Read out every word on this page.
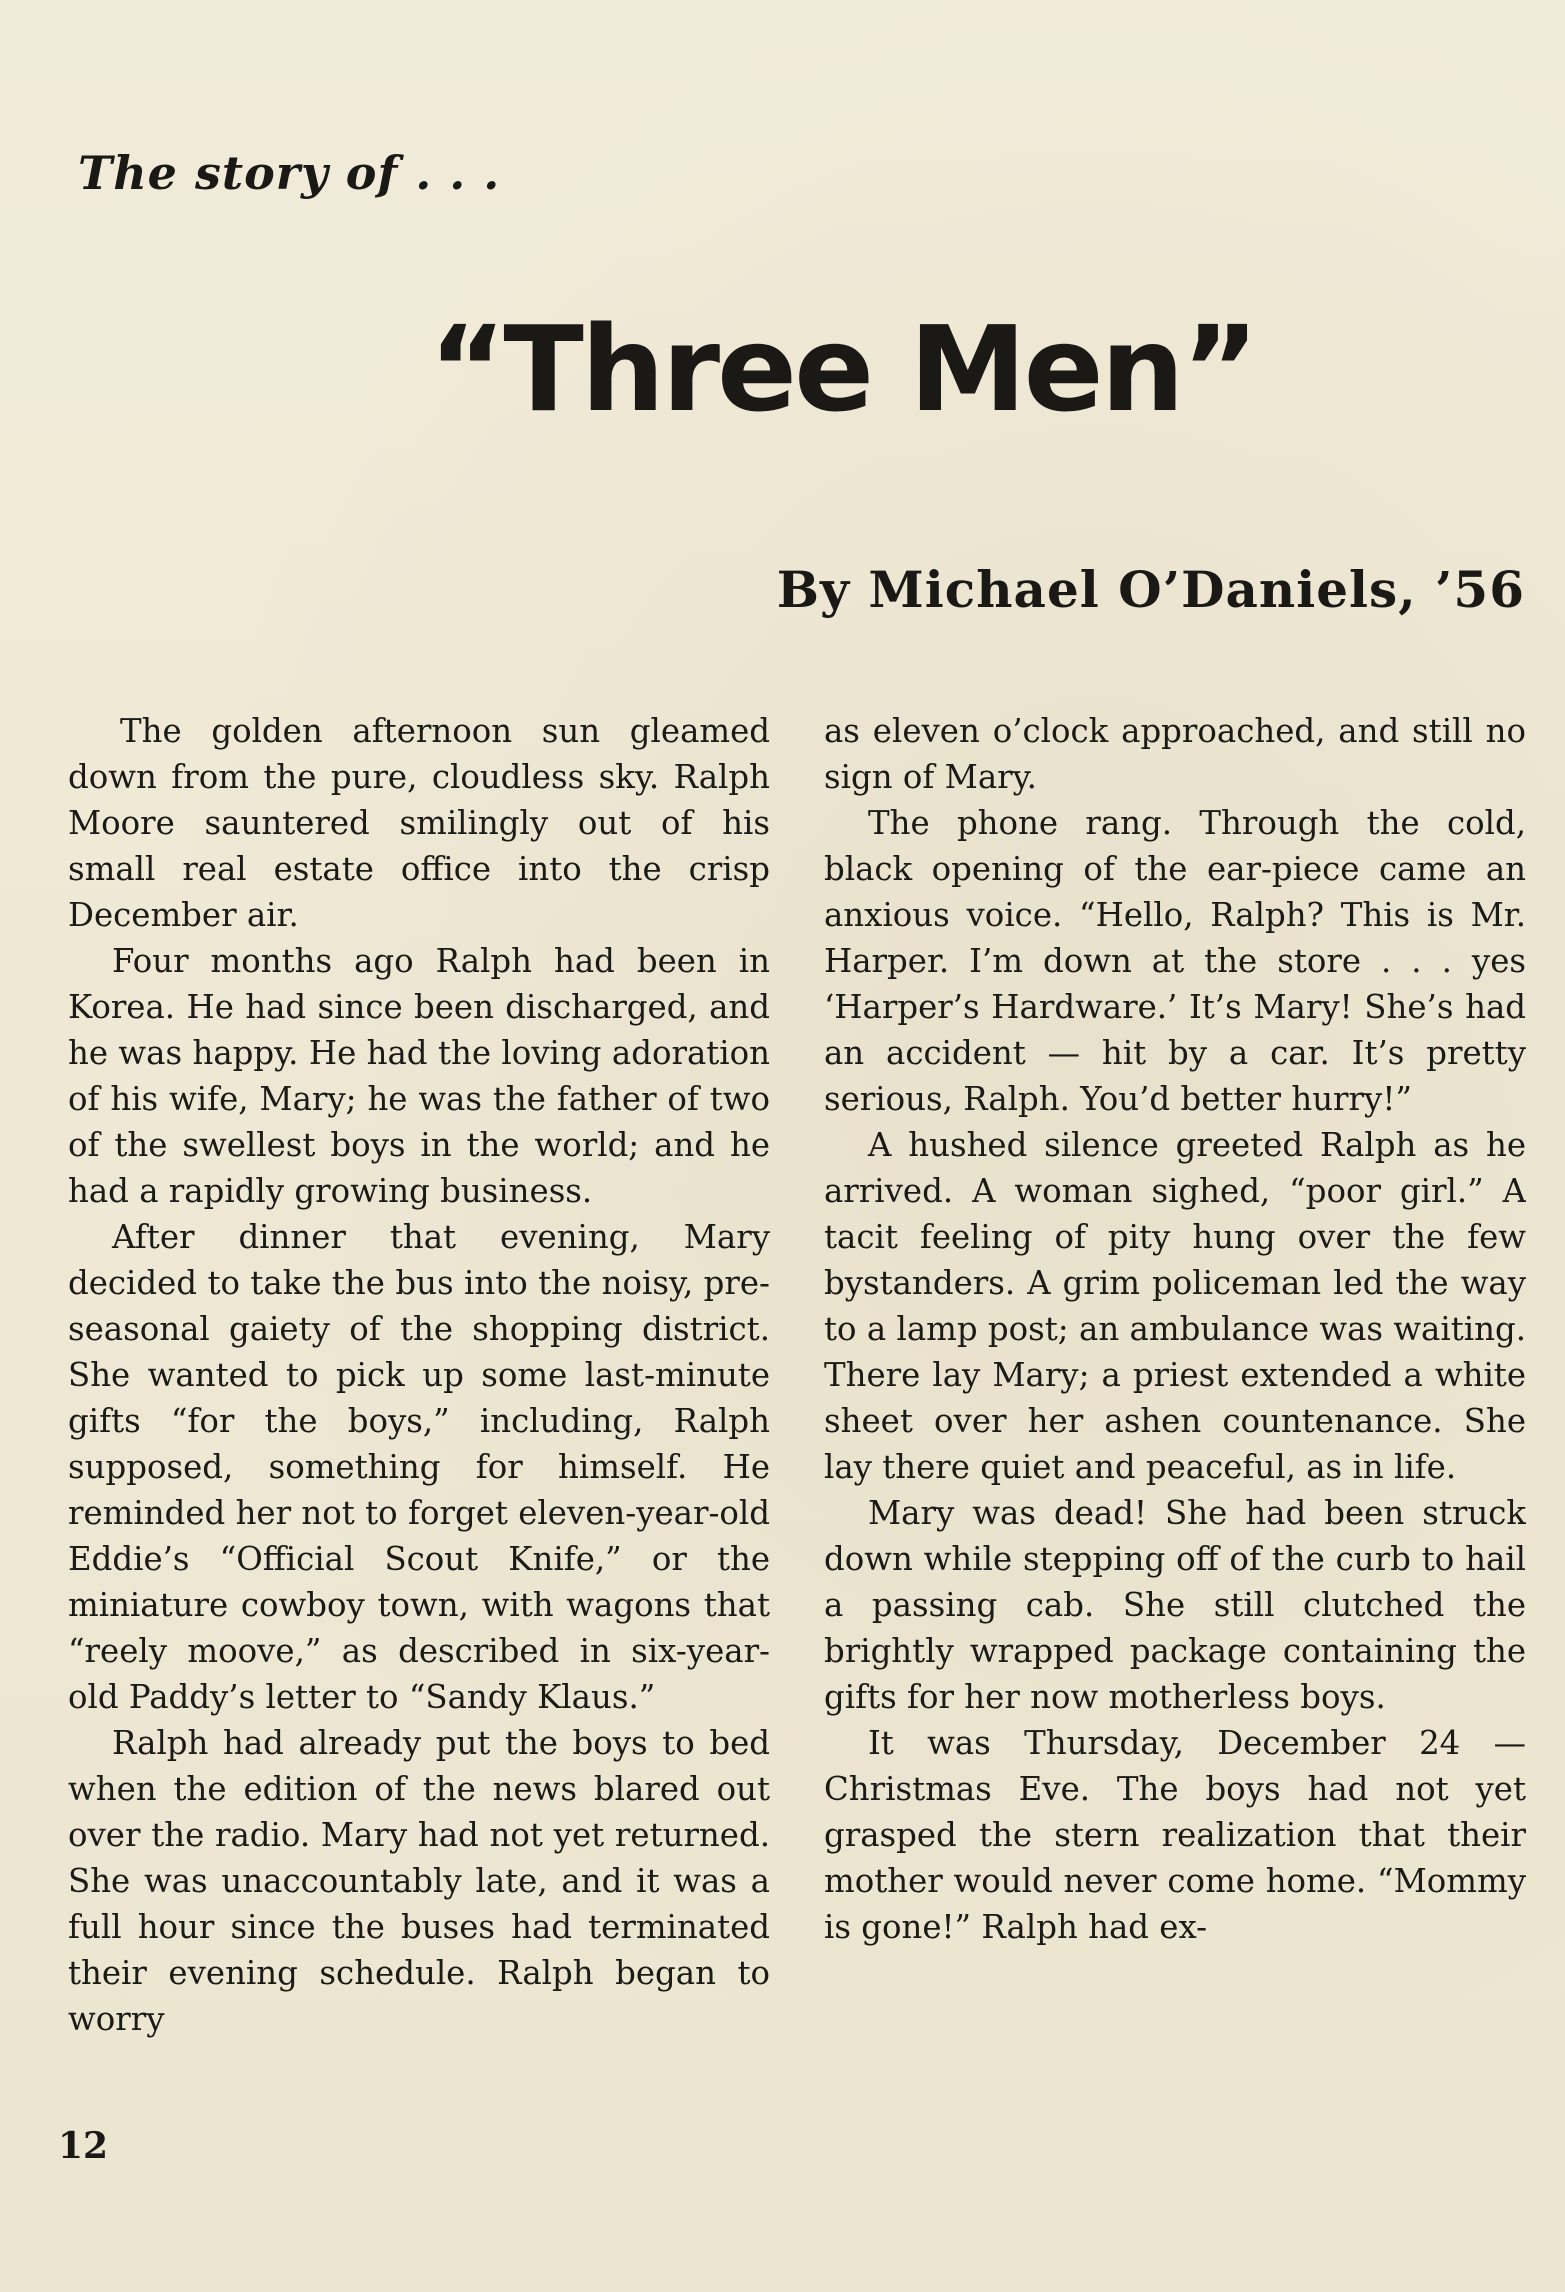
The story of . . .
“Three Men”
By Michael O’Daniels, ’56

The golden afternoon sun gleamed down from the pure, cloudless sky. Ralph Moore sauntered smilingly out of his small real estate office into the crisp December air.

Four months ago Ralph had been in Korea. He had since been discharged, and he was happy. He had the loving adoration of his wife, Mary; he was the father of two of the swellest boys in the world; and he had a rapidly growing business.

After dinner that evening, Mary decided to take the bus into the noisy, pre-seasonal gaiety of the shopping district. She wanted to pick up some last-minute gifts “for the boys,” including, Ralph supposed, something for himself. He reminded her not to forget eleven-year-old Eddie’s “Official Scout Knife,” or the miniature cowboy town, with wagons that “reely moove,” as described in six-year-old Paddy’s letter to “Sandy Klaus.”

Ralph had already put the boys to bed when the edition of the news blared out over the radio. Mary had not yet returned. She was unaccountably late, and it was a full hour since the buses had terminated their evening schedule. Ralph began to worry

as eleven o’clock approached, and still no sign of Mary.

The phone rang. Through the cold, black opening of the ear-piece came an anxious voice. “Hello, Ralph? This is Mr. Harper. I’m down at the store . . . yes ‘Harper’s Hardware.’ It’s Mary! She’s had an accident — hit by a car. It’s pretty serious, Ralph. You’d better hurry!”

A hushed silence greeted Ralph as he arrived. A woman sighed, “poor girl.” A tacit feeling of pity hung over the few bystanders. A grim policeman led the way to a lamp post; an ambulance was waiting. There lay Mary; a priest extended a white sheet over her ashen countenance. She lay there quiet and peaceful, as in life.

Mary was dead! She had been struck down while stepping off of the curb to hail a passing cab. She still clutched the brightly wrapped package containing the gifts for her now motherless boys.

It was Thursday, December 24 — Christmas Eve. The boys had not yet grasped the stern realization that their mother would never come home. “Mommy is gone!” Ralph had ex-

12
